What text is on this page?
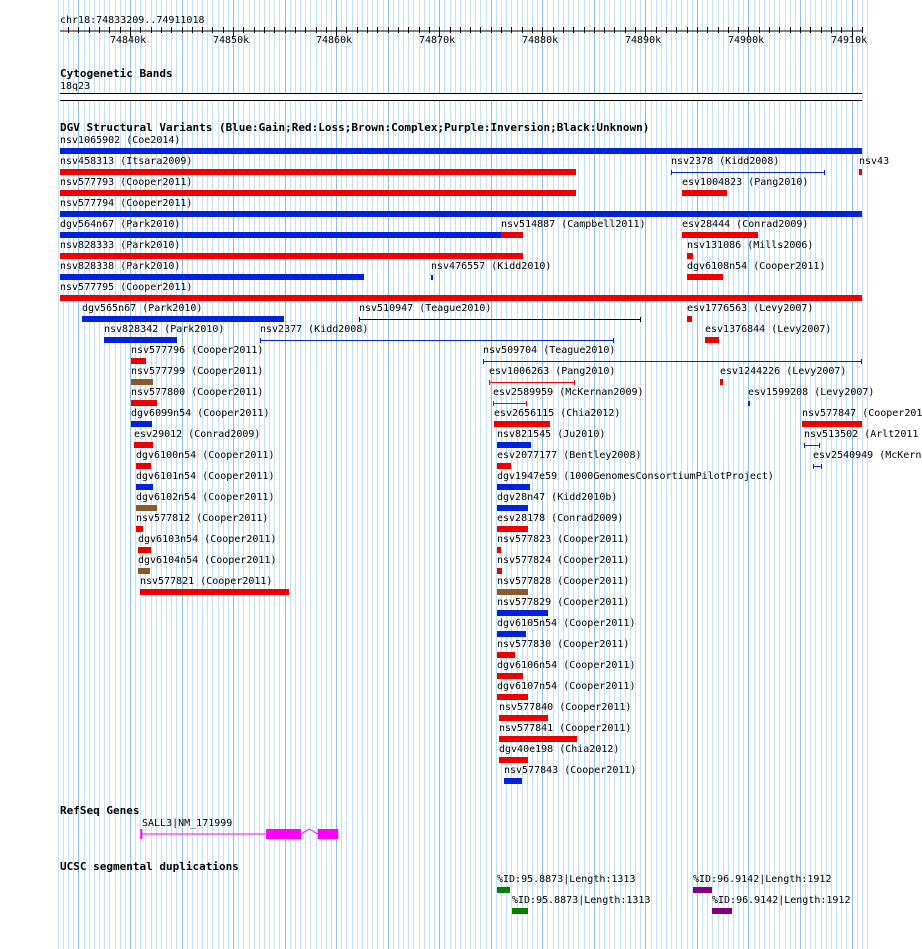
chr18:74833209..74911018
74840k	74850k	74860k	74870k	74880k	74890k	74900k	74910k
Cytogenetic Bands
18q23
DGV Structural Variants (Blue:Gain;Red:Loss;Brown:Complex;Purple:Inversion;Black:Unknown)
nsv1065902 (Coe2014)
nsv458313 (Itsara2009)	nsv2378 (Kidd2008)	nsv43
nsv577793 (Cooper2011)	esv1004823 (Pang2010)
nsv577794 (Cooper2011)
dgv564n67 (Park2010)	nsv514887 (Campbell2011)	esv28444 (Conrad2009)
nsv828333 (Park2010)	nsv131086 (Mills2006)
nsv828338 (Park2010)	nsv476557 (Kidd2010)	dgv6108n54 (Cooper2011)
nsv577795 (Cooper2011)
dgv565n67 (Park2010)	nsv510947 (Teague2010)	esv1776563 (Levy2007)
nsv828342 (Park2010)	nsv2377 (Kidd2008)	esv1376844 (Levy2007)
nsv577796 (Cooper2011)	nsv509704 (Teague2010)
nsv577799 (Cooper2011)	esv1006263 (Pang2010)	esv1244226 (Levy2007)
nsv577800 (Cooper2011)	esv2589959 (McKernan2009)	esv1599208 (Levy2007)
dgv6099n54 (Cooper2011)	esv2656115 (Chia2012)	nsv577847 (Cooper201
esv29012 (Conrad2009)	nsv821545 (Ju2010)	nsv513502 (Arlt2011
dgv6100n54 (Cooper2011)	esv2077177 (Bentley2008)	esv2540949 (McKern
dgv6101n54 (Cooper2011)	dgv1947e59 (1000GenomesConsortiumPilotProject)
dgv6102n54 (Cooper2011)	dgv28n47 (Kidd2010b)
nsv577812 (Cooper2011)	esv28178 (Conrad2009)
dgv6103n54 (Cooper2011)	nsv577823 (Cooper2011)
dgv6104n54 (Cooper2011)	nsv577824 (Cooper2011)
nsv577821 (Cooper2011)	nsv577828 (Cooper2011)
nsv577829 (Cooper2011)
dgv6105n54 (Cooper2011)
nsv577830 (Cooper2011)
dgv6106n54 (Cooper2011)
dgv6107n54 (Cooper2011)
nsv577840 (Cooper2011)
nsv577841 (Cooper2011)
dgv40e198 (Chia2012)
nsv577843 (Cooper2011)
RefSeq Genes
SALL3|NM_171999
UCSC segmental duplications
%ID:95.8873|Length:1313	%ID:96.9142|Length:1912
%ID:95.8873|Length:1313	%ID:96.9142|Length:1912
